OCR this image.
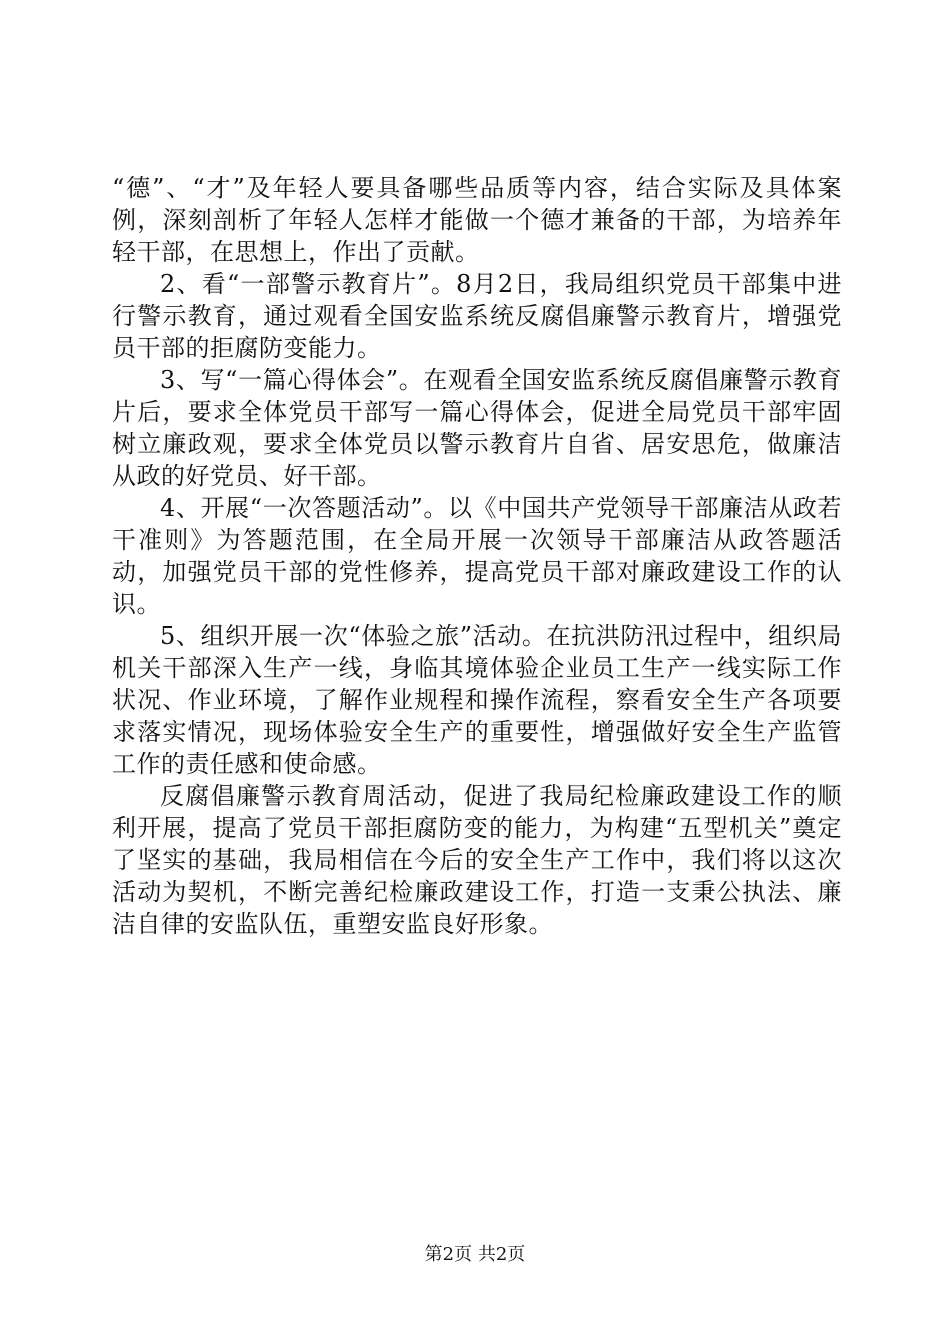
“德”、“才”及年轻人要具备哪些品质等内容，结合实际及具体案例，深刻剖析了年轻人怎样才能做一个德才兼备的干部，为培养年轻干部，在思想上，作出了贡献。

2、看“一部警示教育片”。8月2日，我局组织党员干部集中进行警示教育，通过观看全国安监系统反腐倡廉警示教育片，增强党员干部的拒腐防变能力。

3、写“一篇心得体会”。在观看全国安监系统反腐倡廉警示教育片后，要求全体党员干部写一篇心得体会，促进全局党员干部牢固树立廉政观，要求全体党员以警示教育片自省、居安思危，做廉洁从政的好党员、好干部。

4、开展“一次答题活动”。以《中国共产党领导干部廉洁从政若干准则》为答题范围，在全局开展一次领导干部廉洁从政答题活动，加强党员干部的党性修养，提高党员干部对廉政建设工作的认识。

5、组织开展一次“体验之旅”活动。在抗洪防汛过程中，组织局机关干部深入生产一线，身临其境体验企业员工生产一线实际工作状况、作业环境，了解作业规程和操作流程，察看安全生产各项要求落实情况，现场体验安全生产的重要性，增强做好安全生产监管工作的责任感和使命感。

反腐倡廉警示教育周活动，促进了我局纪检廉政建设工作的顺利开展，提高了党员干部拒腐防变的能力，为构建“五型机关”奠定了坚实的基础，我局相信在今后的安全生产工作中，我们将以这次活动为契机，不断完善纪检廉政建设工作，打造一支秉公执法、廉洁自律的安监队伍，重塑安监良好形象。

第2页 共2页
